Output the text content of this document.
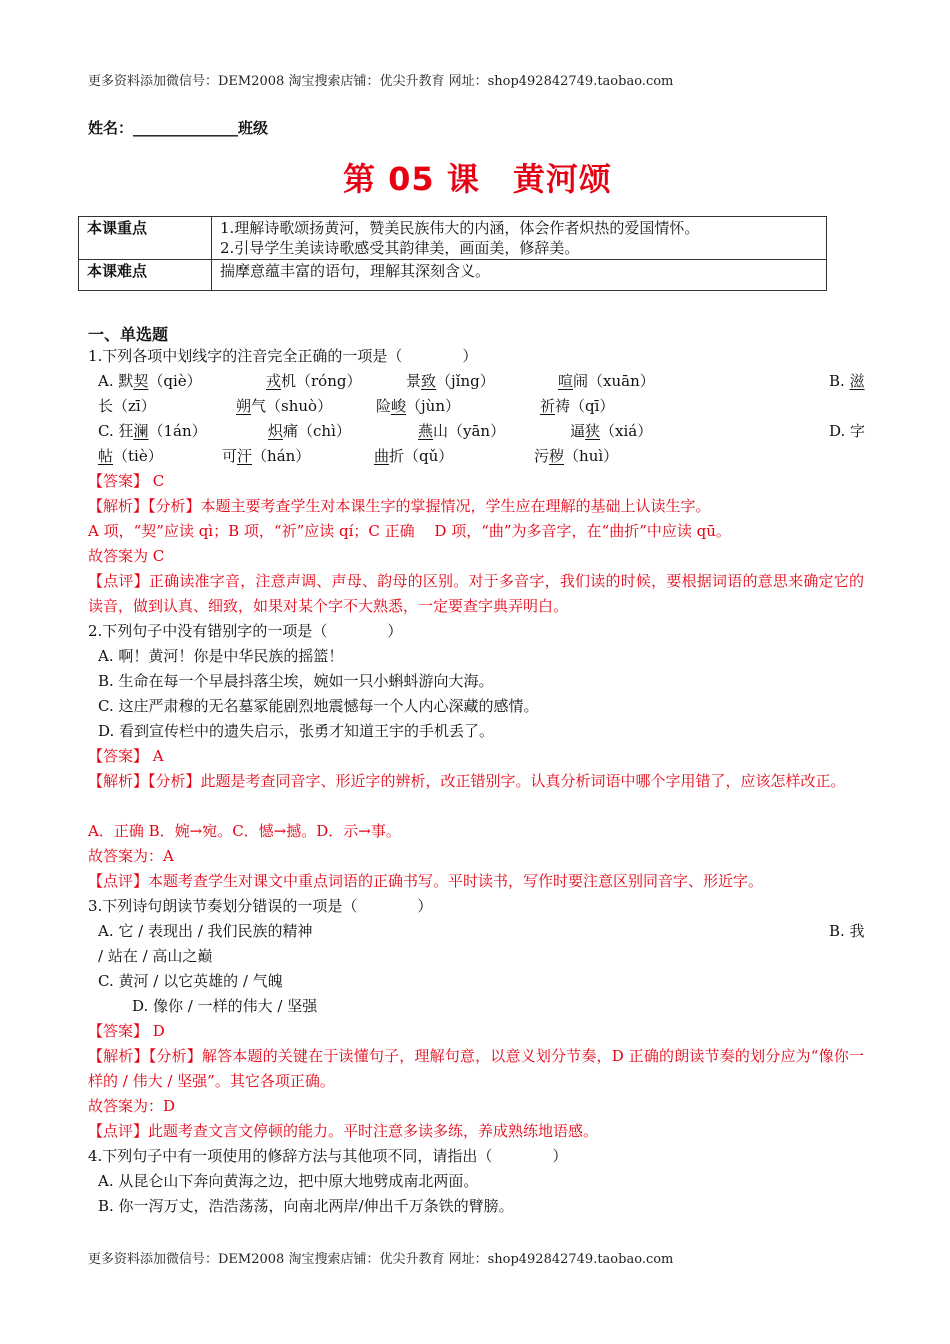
更多资料添加微信号：DEM2008 淘宝搜索店铺：优尖升教育 网址：shop492842749.taobao.com
姓名：______________班级
第 05 课　黄河颂
本课重点	1.理解诗歌颂扬黄河，赞美民族伟大的内涵，体会作者炽热的爱国情怀。
2.引导学生美读诗歌感受其韵律美，画面美，修辞美。

本课难点	揣摩意蕴丰富的语句，理解其深刻含义。
一、单选题
1.下列各项中划线字的注音完全正确的一项是（　　　　）
A. 默契（qiè）	戎机（róng）	景致（jǐng）	喧闹（xuān）	B. 滋
长（zī）	朔气（shuò）	险峻（jùn）	祈祷（qī）
C. 狂澜（1án）	炽痛（chì）	燕山（yān）	逼狭（xiá）	D. 字
帖（tiè）	可汗（hán）	曲折（qǔ）	污秽（huì）
【答案】 C
【解析】【分析】本题主要考查学生对本课生字的掌握情况，学生应在理解的基础上认读生字。
A 项，“契”应读 qì；B 项，“祈”应读 qí；C 正确　 D 项，“曲”为多音字，在“曲折”中应读 qū。
故答案为 C
【点评】正确读准字音，注意声调、声母、韵母的区别。对于多音字，我们读的时候，要根据词语的意思来确定它的读音，做到认真、细致，如果对某个字不大熟悉，一定要查字典弄明白。
2.下列句子中没有错别字的一项是（　　　　）
A. 啊！黄河！你是中华民族的摇篮！
B. 生命在每一个早晨抖落尘埃，婉如一只小蝌蚪游向大海。
C. 这庄严肃穆的无名墓冢能剧烈地震憾每一个人内心深藏的感情。
D. 看到宣传栏中的遗失启示，张勇才知道王宇的手机丢了。
【答案】 A
【解析】【分析】此题是考查同音字、形近字的辨析，改正错别字。认真分析词语中哪个字用错了，应该怎样改正。
A．正确 B．婉→宛。C．憾→撼。D．示→事。
故答案为：A
【点评】本题考查学生对课文中重点词语的正确书写。平时读书，写作时要注意区别同音字、形近字。
3.下列诗句朗读节奏划分错误的一项是（　　　　）
A. 它 / 表现出 / 我们民族的精神	B. 我
/ 站在 / 高山之巅
C. 黄河 / 以它英雄的 / 气魄
D. 像你 / 一样的伟大 / 坚强
【答案】 D
【解析】【分析】解答本题的关键在于读懂句子，理解句意，以意义划分节奏，D 正确的朗读节奏的划分应为“像你一样的 / 伟大 / 坚强”。其它各项正确。
故答案为：D
【点评】此题考查文言文停顿的能力。平时注意多读多练，养成熟练地语感。
4.下列句子中有一项使用的修辞方法与其他项不同，请指出（　　　　）
A. 从昆仑山下奔向黄海之边，把中原大地劈成南北两面。
B. 你一泻万丈，浩浩荡荡，向南北两岸/伸出千万条铁的臂膀。
更多资料添加微信号：DEM2008 淘宝搜索店铺：优尖升教育 网址：shop492842749.taobao.com
